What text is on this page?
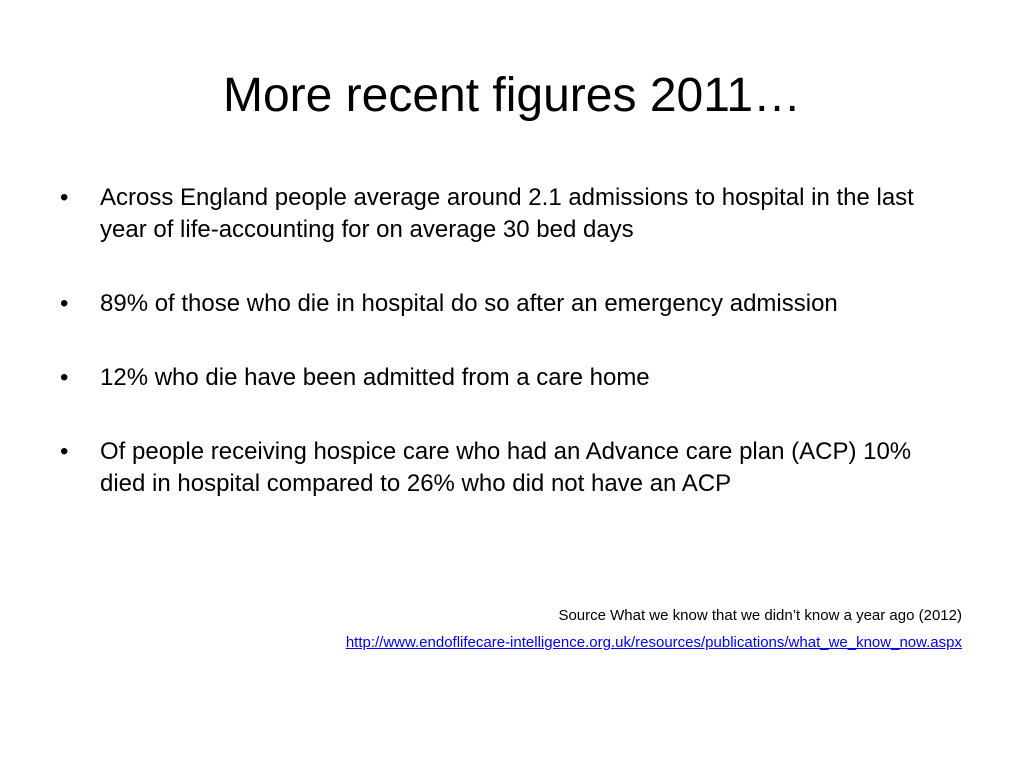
More recent figures 2011…
•	Across England people average around 2.1 admissions to hospital in the last year of life-accounting for on average 30 bed days
•	89% of those who die in hospital do so after an emergency admission
•	12% who die have been admitted from a care home
•	Of people receiving hospice care who had an Advance care plan (ACP) 10% died in hospital compared to 26% who did not have an ACP
Source What we know that we didn’t know a year ago (2012)
http://www.endoflifecare-intelligence.org.uk/resources/publications/what_we_know_now.aspx
